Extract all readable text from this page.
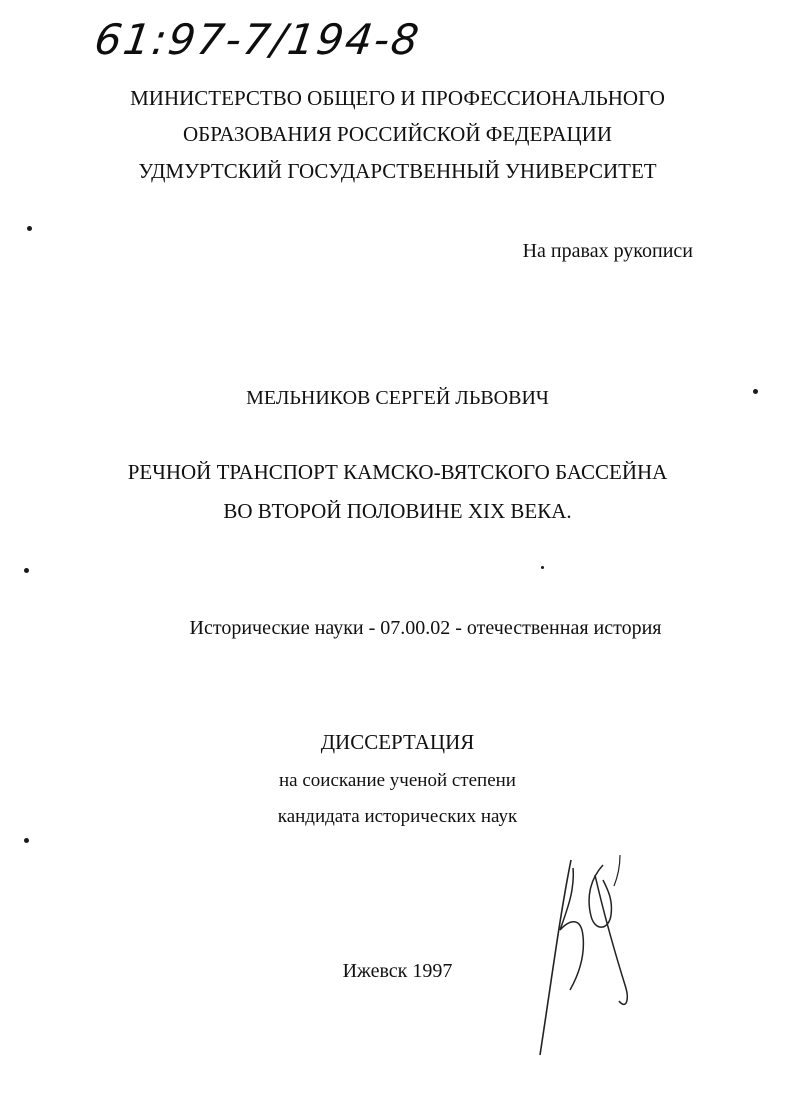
61:97-7/194-8
МИНИСТЕРСТВО ОБЩЕГО И ПРОФЕССИОНАЛЬНОГО
ОБРАЗОВАНИЯ РОССИЙСКОЙ ФЕДЕРАЦИИ
УДМУРТСКИЙ ГОСУДАРСТВЕННЫЙ УНИВЕРСИТЕТ
На правах рукописи
МЕЛЬНИКОВ СЕРГЕЙ ЛЬВОВИЧ
РЕЧНОЙ ТРАНСПОРТ КАМСКО-ВЯТСКОГО БАССЕЙНА
ВО ВТОРОЙ ПОЛОВИНЕ XIX ВЕКА.
Исторические науки - 07.00.02 - отечественная история
ДИССЕРТАЦИЯ
на соискание ученой степени
кандидата исторических наук
Ижевск 1997
